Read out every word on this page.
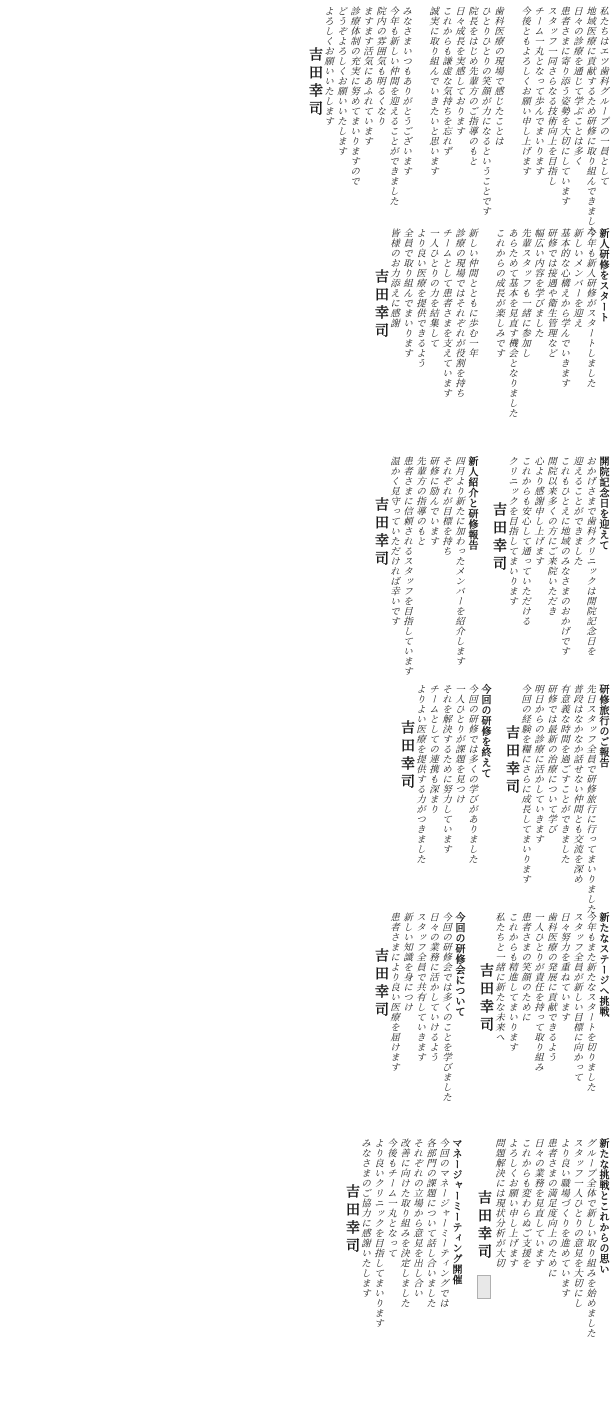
私たちはエツ歯科グループの一員として
地域医療に貢献するため研修に取り組んできました
日々の診療を通じて学ぶことは多く
患者さまに寄り添う姿勢を大切にしています
スタッフ一同さらなる技術向上を目指し
チーム一丸となって歩んでまいります
今後ともよろしくお願い申し上げます
歯科医療の現場で感じたことは
ひとりひとりの笑顔が力になるということです
院長をはじめ先輩方のご指導のもと
日々成長を実感しております
これからも謙虚な気持ちを忘れず
誠実に取り組んでいきたいと思います
みなさまいつもありがとうございます
今年も新しい仲間を迎えることができました
院内の雰囲気も明るくなり
ますます活気にあふれています
診療体制の充実に努めてまいりますので
どうぞよろしくお願いいたします
よろしくお願いいたします
吉田幸司
新人研修をスタート
今年も新人研修がスタートしました
新しいメンバーを迎え
基本的な心構えから学んでいきます
研修では接遇や衛生管理など
幅広い内容を学びました
先輩スタッフも一緒に参加し
あらためて基本を見直す機会となりました
これからの成長が楽しみです
新しい仲間とともに歩む一年
診療の現場ではそれぞれが役割を持ち
チームとして患者さまを支えています
一人ひとりの力を結集して
より良い医療を提供できるよう
全員で取り組んでまいります
皆様のお力添えに感謝
吉田幸司
開院記念日を迎えて
おかげさまで歯科クリニックは開院記念日を
迎えることができました
これもひとえに地域のみなさまのおかげです
開院以来多くの方にご来院いただき
心より感謝申し上げます
これからも安心して通っていただける
クリニックを目指してまいります
吉田幸司
新人紹介と研修報告
四月より新たに加わったメンバーを紹介します
それぞれが目標を持ち
研修に励んでいます
先輩方の指導のもと
患者さまに信頼されるスタッフを目指しています
温かく見守っていただければ幸いです
吉田幸司
研修旅行のご報告
先日スタッフ全員で研修旅行に行ってまいりました
普段はなかなか話せない仲間とも交流を深め
有意義な時間を過ごすことができました
研修では最新の治療について学び
明日からの診療に活かしていきます
今回の経験を糧にさらに成長してまいります
吉田幸司
今回の研修を終えて
今回の研修では多くの学びがありました
一人ひとりが課題を見つけ
それを解決するために努力しています
チームとしての連携も深まり
よりよい医療を提供する力がつきました
吉田幸司
新たなステージへ挑戦
今年もまた新たなスタートを切りました
スタッフ全員が新しい目標に向かって
日々努力を重ねています
歯科医療の発展に貢献できるよう
一人ひとりが責任を持って取り組み
患者さまの笑顔のために
これからも精進してまいります
私たちと一緒に新たな未来へ
吉田幸司
今回の研修会について
今回の研修会では多くのことを学びました
日々の業務に活かしていけるよう
スタッフ全員で共有していきます
新しい知識を身につけ
患者さまにより良い医療を届けます
吉田幸司
新たな挑戦とこれからの思い
グループ全体で新しい取り組みを始めました
スタッフ一人ひとりの意見を大切にし
より良い職場づくりを進めています
患者さまの満足度向上のために
日々の業務を見直しています
これからも変わらぬご支援を
よろしくお願い申し上げます
問題解決には現状分析が大切
吉田幸司
マネージャーミーティング開催
今回のマネージャーミーティングでは
各部門の課題について話し合いました
それぞれの立場から意見を出し合い
改善に向けた取り組みを決定しました
今後もチーム一丸となって
より良いクリニックを目指してまいります
みなさまのご協力に感謝いたします
吉田幸司
